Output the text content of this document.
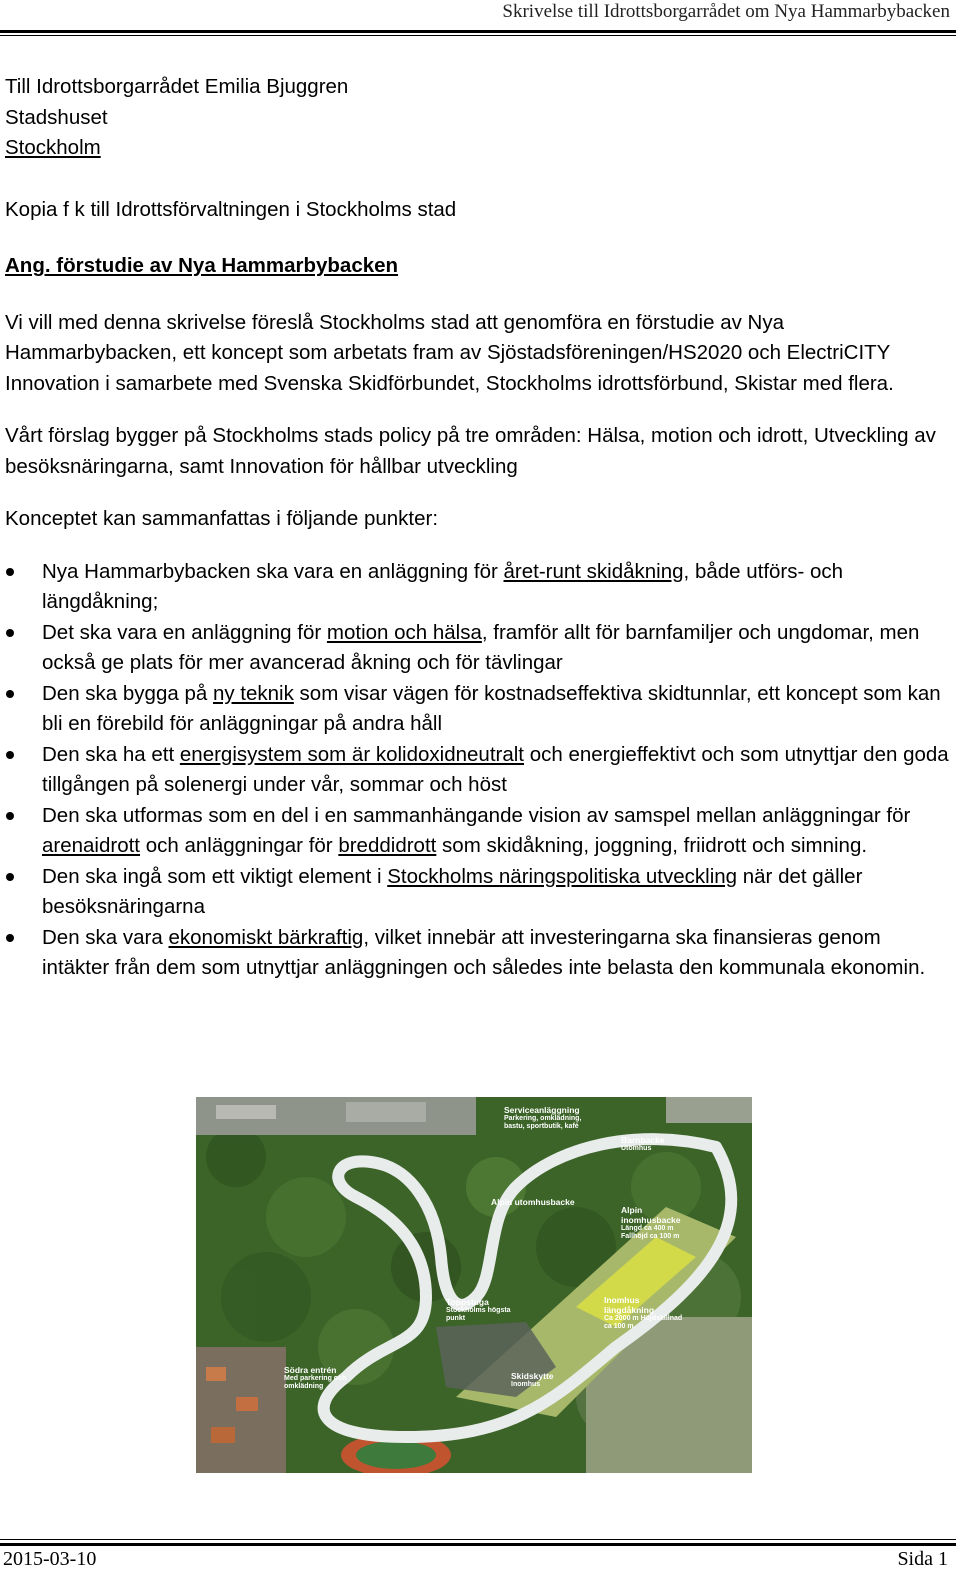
Skrivelse till Idrottsborgarrådet om Nya Hammarbybacken
Till Idrottsborgarrådet Emilia Bjuggren
Stadshuset
Stockholm
Kopia f k till Idrottsförvaltningen i Stockholms stad
Ang. förstudie av Nya Hammarbybacken

Vi vill med denna skrivelse föreslå Stockholms stad att genomföra en förstudie av Nya Hammarbybacken, ett koncept som arbetats fram av Sjöstadsföreningen/HS2020 och ElectriCITY Innovation i samarbete med Svenska Skidförbundet, Stockholms idrottsförbund, Skistar med flera.

Vårt förslag bygger på Stockholms stads policy på tre områden: Hälsa, motion och idrott, Utveckling av besöksnäringarna, samt Innovation för hållbar utveckling

Konceptet kan sammanfattas i följande punkter:

Nya Hammarbybacken ska vara en anläggning för året-runt skidåkning, både utförs- och längdåkning;
Det ska vara en anläggning för motion och hälsa, framför allt för barnfamiljer och ungdomar, men också ge plats för mer avancerad åkning och för tävlingar
Den ska bygga på ny teknik som visar vägen för kostnadseffektiva skidtunnlar, ett koncept som kan bli en förebild för anläggningar på andra håll
Den ska ha ett energisystem som är kolidoxidneutralt och energieffektivt och som utnyttjar den goda tillgången på solenergi under vår, sommar och höst
Den ska utformas som en del i en sammanhängande vision av samspel mellan anläggningar för arenaidrott och anläggningar för breddidrott som skidåkning, joggning, friidrott och simning.
Den ska ingå som ett viktigt element i Stockholms näringspolitiska utveckling när det gäller besöksnäringarna
Den ska vara ekonomiskt bärkraftig, vilket innebär att investeringarna ska finansieras genom intäkter från dem som utnyttjar anläggningen och således inte belasta den kommunala ekonomin.
Serviceanläggning
Parkering, omklädning, bastu, sportbutik, kafé
Barnbacke
Utomhus
Alpin utomhusbacke
Alpin inomhusbacke
Längd ca 400 m Fallhöjd ca 100 m
Inomhus längdåkning
Ca 2000 m Höjdskillnad ca 100 m
Toppstuga
Stockholms högsta punkt
Skidskytte
Inomhus
Södra entrén
Med parkering och omklädning
2015-03-10	Sida 1
